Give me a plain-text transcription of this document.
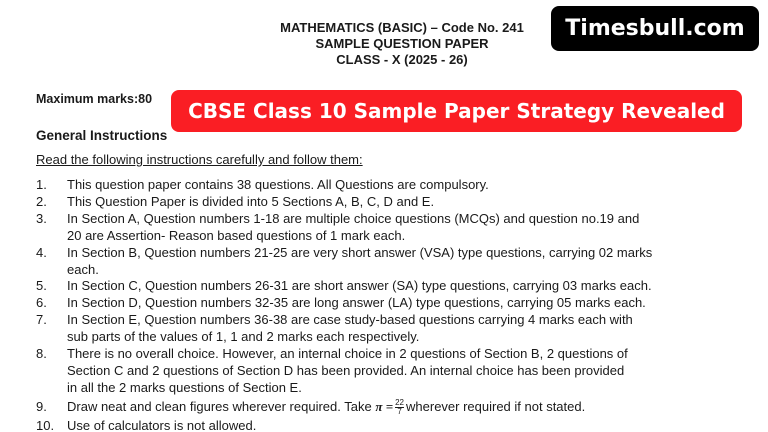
MATHEMATICS (BASIC) – Code No. 241
SAMPLE QUESTION PAPER
CLASS - X (2025 - 26)
Maximum marks:80
General Instructions
Read the following instructions carefully and follow them:
1. This question paper contains 38 questions. All Questions are compulsory.
2. This Question Paper is divided into 5 Sections A, B, C, D and E.
3. In Section A, Question numbers 1-18 are multiple choice questions (MCQs) and question no.19 and
20 are Assertion- Reason based questions of 1 mark each.
4. In Section B, Question numbers 21-25 are very short answer (VSA) type questions, carrying 02 marks
each.
5. In Section C, Question numbers 26-31 are short answer (SA) type questions, carrying 03 marks each.
6. In Section D, Question numbers 32-35 are long answer (LA) type questions, carrying 05 marks each.
7. In Section E, Question numbers 36-38 are case study-based questions carrying 4 marks each with
sub parts of the values of 1, 1 and 2 marks each respectively.
8. There is no overall choice. However, an internal choice in 2 questions of Section B, 2 questions of
Section C and 2 questions of Section D has been provided. An internal choice has been provided
in all the 2 marks questions of Section E.
9. Draw neat and clean figures wherever required. Take $\pi = \frac{22}{7}$ wherever required if not stated.
10. Use of calculators is not allowed.
Timesbull.com
CBSE Class 10 Sample Paper Strategy Revealed
